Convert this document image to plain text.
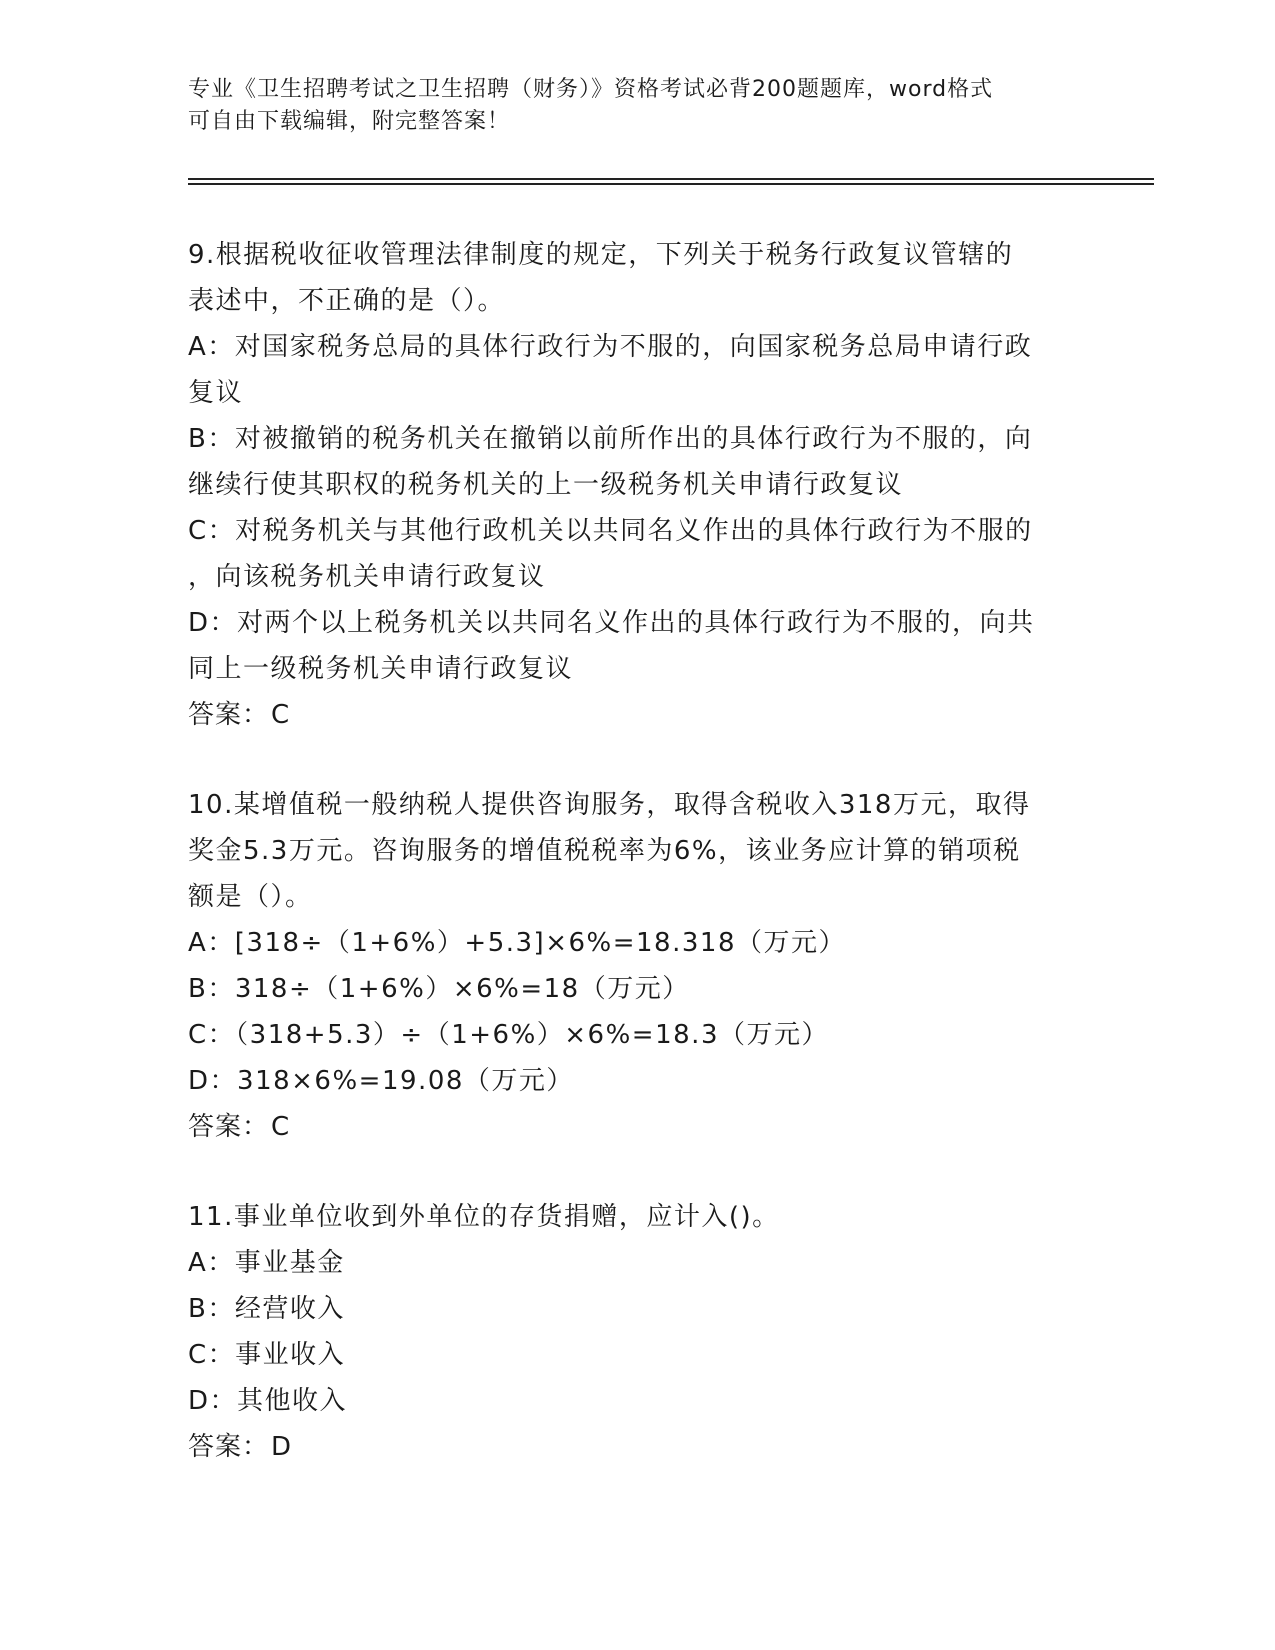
专业《卫生招聘考试之卫生招聘（财务）》资格考试必背200题题库，word格式
可自由下载编辑，附完整答案！
9.根据税收征收管理法律制度的规定，下列关于税务行政复议管辖的
表述中，不正确的是（）。
A：对国家税务总局的具体行政行为不服的，向国家税务总局申请行政
复议
B：对被撤销的税务机关在撤销以前所作出的具体行政行为不服的，向
继续行使其职权的税务机关的上一级税务机关申请行政复议
C：对税务机关与其他行政机关以共同名义作出的具体行政行为不服的
，向该税务机关申请行政复议
D：对两个以上税务机关以共同名义作出的具体行政行为不服的，向共
同上一级税务机关申请行政复议
答案：C
10.某增值税一般纳税人提供咨询服务，取得含税收入318万元，取得
奖金5.3万元。咨询服务的增值税税率为6%，该业务应计算的销项税
额是（）。
A：[318÷（1+6%）+5.3]×6%=18.318（万元）
B：318÷（1+6%）×6%=18（万元）
C：（318+5.3）÷（1+6%）×6%=18.3（万元）
D：318×6%=19.08（万元）
答案：C
11.事业单位收到外单位的存货捐赠，应计入()。
A：事业基金
B：经营收入
C：事业收入
D：其他收入
答案：D
